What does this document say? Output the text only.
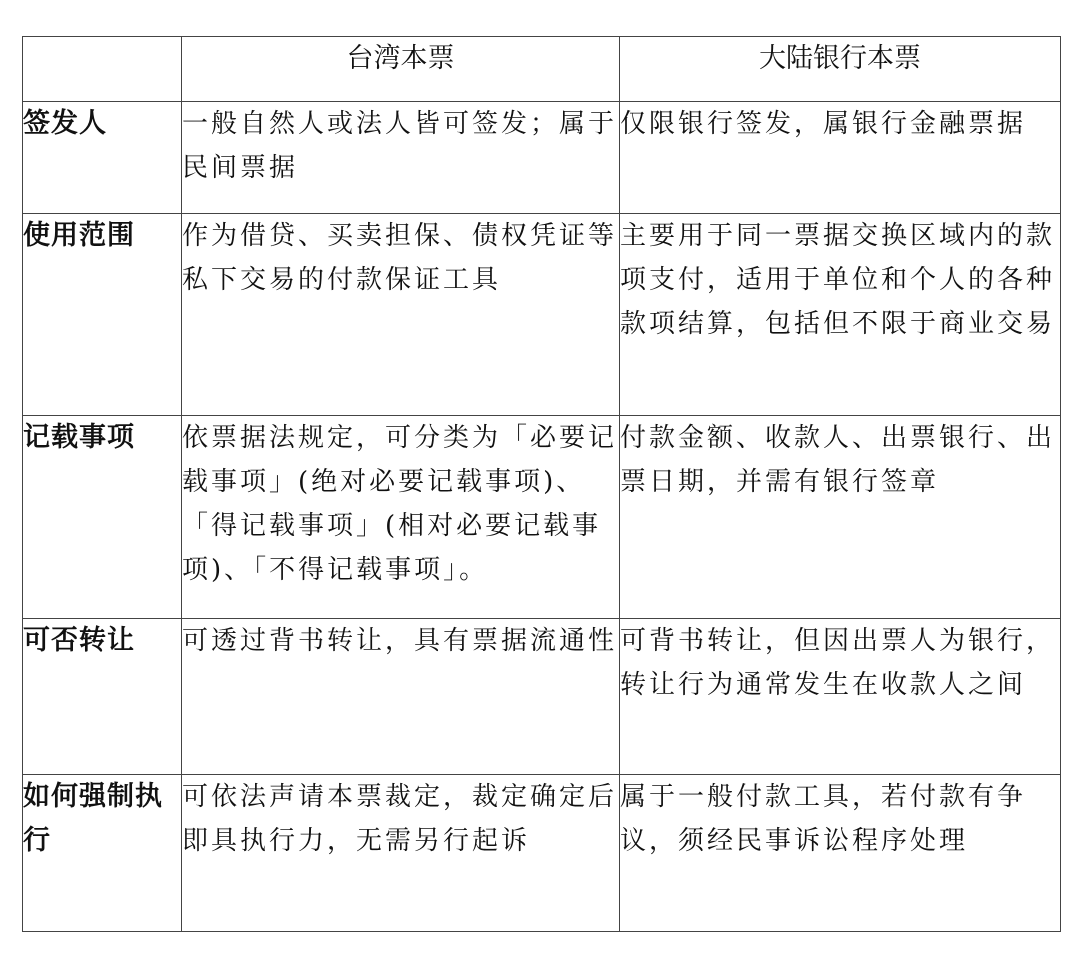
	台湾本票	大陆银行本票
签发人	一般自然人或法人皆可签发；属于民间票据	仅限银行签发，属银行金融票据
使用范围	作为借贷、买卖担保、债权凭证等私下交易的付款保证工具	主要用于同一票据交换区域内的款项支付，适用于单位和个人的各种款项结算，包括但不限于商业交易
记载事项	依票据法规定，可分类为「必要记载事项」(绝对必要记载事项)、「得记载事项」(相对必要记载事项)、「不得记载事项」。	付款金额、收款人、出票银行、出票日期，并需有银行签章
可否转让	可透过背书转让，具有票据流通性	可背书转让，但因出票人为银行，转让行为通常发生在收款人之间
如何强制执行	可依法声请本票裁定，裁定确定后即具执行力，无需另行起诉	属于一般付款工具，若付款有争议，须经民事诉讼程序处理
